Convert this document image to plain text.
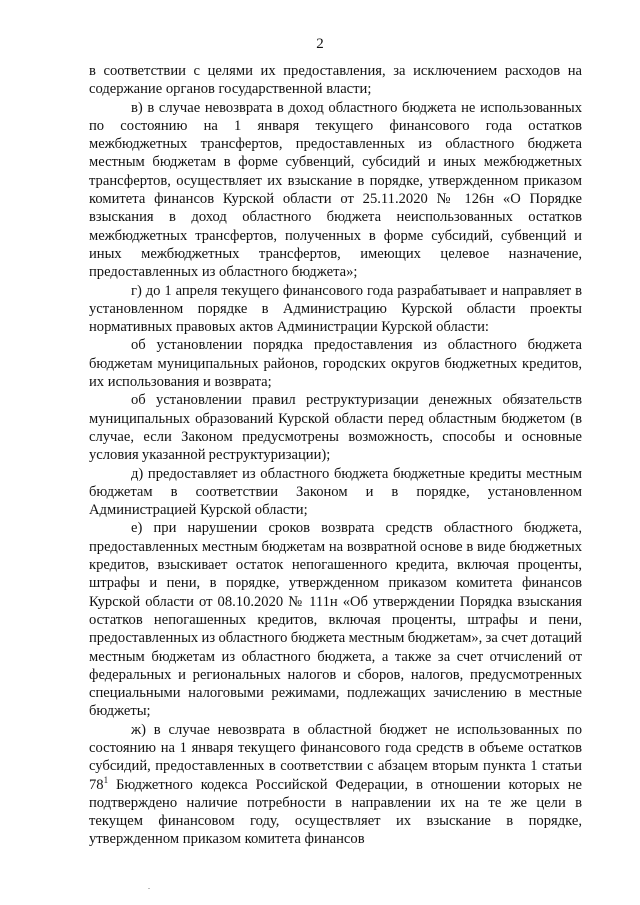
2

в соответствии с целями их предоставления, за исключением расходов на содержание органов государственной власти;

в) в случае невозврата в доход областного бюджета не использованных по состоянию на 1 января текущего финансового года остатков межбюджетных трансфертов, предоставленных из областного бюджета местным бюджетам в форме субвенций, субсидий и иных межбюджетных трансфертов, осуществляет их взыскание в порядке, утвержденном приказом комитета финансов Курской области от 25.11.2020 № 126н «О Порядке взыскания в доход областного бюджета неиспользованных остатков межбюджетных трансфертов, полученных в форме субсидий, субвенций и иных межбюджетных трансфертов, имеющих целевое назначение, предоставленных из областного бюджета»;

г) до 1 апреля текущего финансового года разрабатывает и направляет в установленном порядке в Администрацию Курской области проекты нормативных правовых актов Администрации Курской области:

об установлении порядка предоставления из областного бюджета бюджетам муниципальных районов, городских округов бюджетных кредитов, их использования и возврата;

об установлении правил реструктуризации денежных обязательств муниципальных образований Курской области перед областным бюджетом (в случае, если Законом предусмотрены возможность, способы и основные условия указанной реструктуризации);

д) предоставляет из областного бюджета бюджетные кредиты местным бюджетам в соответствии Законом и в порядке, установленном Администрацией Курской области;

е) при нарушении сроков возврата средств областного бюджета, предоставленных местным бюджетам на возвратной основе в виде бюджетных кредитов, взыскивает остаток непогашенного кредита, включая проценты, штрафы и пени, в порядке, утвержденном приказом комитета финансов Курской области от 08.10.2020 № 111н «Об утверждении Порядка взыскания остатков непогашенных кредитов, включая проценты, штрафы и пени, предоставленных из областного бюджета местным бюджетам», за счет дотаций местным бюджетам из областного бюджета, а также за счет отчислений от федеральных и региональных налогов и сборов, налогов, предусмотренных специальными налоговыми режимами, подлежащих зачислению в местные бюджеты;

ж) в случае невозврата в областной бюджет не использованных по состоянию на 1 января текущего финансового года средств в объеме остатков субсидий, предоставленных в соответствии с абзацем вторым пункта 1 статьи $78^1$ Бюджетного кодекса Российской Федерации, в отношении которых не подтверждено наличие потребности в направлении их на те же цели в текущем финансовом году, осуществляет их взыскание в порядке, утвержденном приказом комитета финансов
